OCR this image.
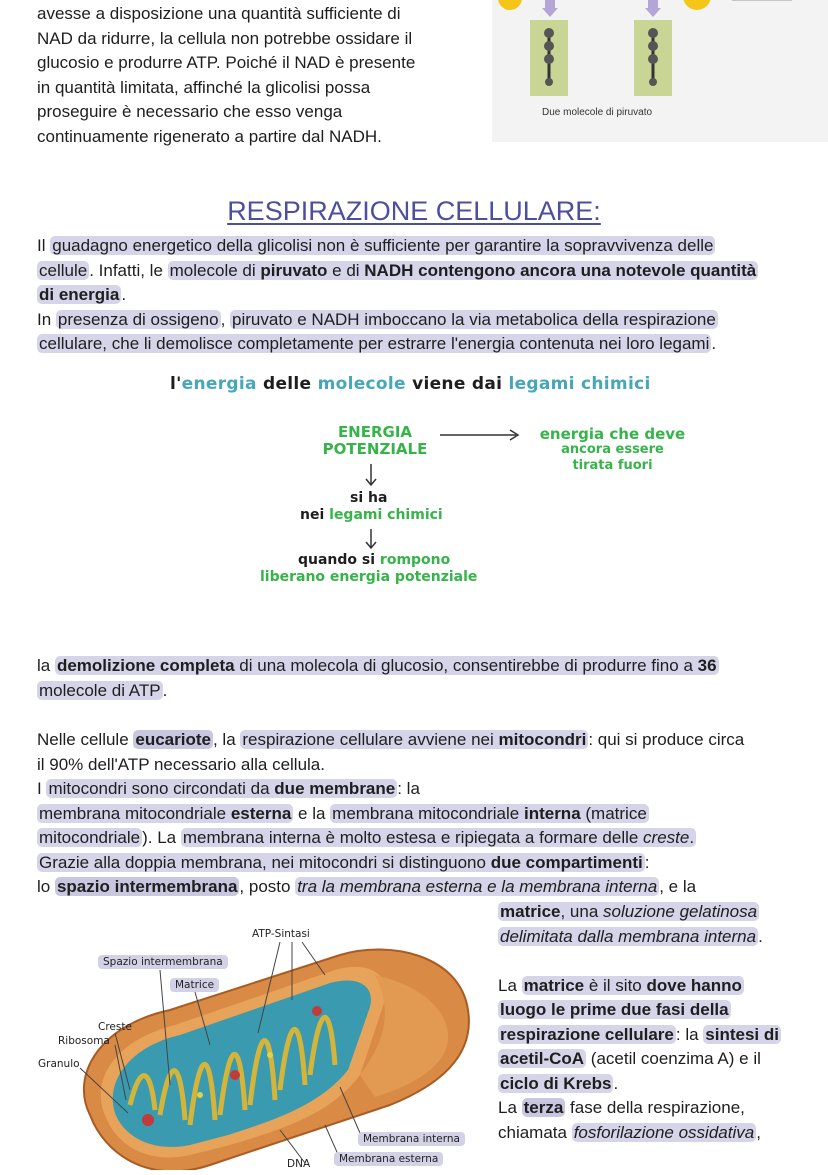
avesse a disposizione una quantità sufficiente di

NAD da ridurre, la cellula non potrebbe ossidare il

glucosio e produrre ATP. Poiché il NAD è presente

in quantità limitata, affinché la glicolisi possa

proseguire è necessario che esso venga

continuamente rigenerato a partire dal NADH.

Due molecole di piruvato
RESPIRAZIONE CELLULARE:

Il guadagno energetico della glicolisi non è sufficiente per garantire la sopravvivenza delle

cellule . Infatti, le molecole di piruvato e di NADH contengono ancora una notevole quantità

di energia .

In presenza di ossigeno , piruvato e NADH imboccano la via metabolica della respirazione

cellulare, che li demolisce completamente per estrarre l'energia contenuta nei loro legami .

l'energia delle molecole viene dai legami chimici
ENERGIA
POTENZIALE
energia che deve
ancora essere
tirata fuori
si ha
nei legami chimici
quando si rompono
liberano energia potenziale

la demolizione completa di una molecola di glucosio, consentirebbe di produrre fino a 36

molecole di ATP .

Nelle cellule eucariote , la respirazione cellulare avviene nei mitocondri : qui si produce circa

il 90% dell'ATP necessario alla cellula.

I mitocondri sono circondati da due membrane : la

membrana mitocondriale esterna e la membrana mitocondriale interna (matrice

mitocondriale ). La membrana interna è molto estesa e ripiegata a formare delle creste.

Grazie alla doppia membrana, nei mitocondri si distinguono due compartimenti :

lo spazio intermembrana , posto tra la membrana esterna e la membrana interna , e la

matrice, una soluzione gelatinosa

delimitata dalla membrana interna .

La matrice è il sito dove hanno

luogo le prime due fasi della

respirazione cellulare : la sintesi di

acetil-CoA (acetil coenzima A) e il

ciclo di Krebs .

La terza fase della respirazione,

chiamata fosforilazione ossidativa ,

ATP-Sintasi
Spazio intermembrana
Matrice
Creste
Ribosoma
Granulo
Membrana interna
Membrana esterna
DNA
